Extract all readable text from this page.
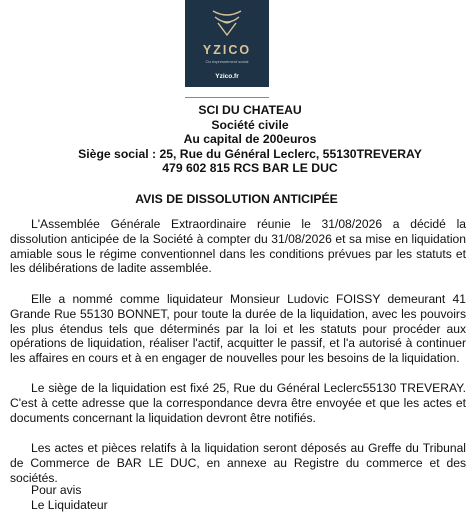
YZICO
Ou expressément social
Yzico.fr
SCI DU CHATEAU
Société civile
Au capital de 200euros
Siège social : 25, Rue du Général Leclerc, 55130TREVERAY
479 602 815 RCS BAR LE DUC
AVIS DE DISSOLUTION ANTICIPÉE

L'Assemblée Générale Extraordinaire réunie le 31/08/2026 a décidé la dissolution anticipée de la Société à compter du 31/08/2026 et sa mise en liquidation amiable sous le régime conventionnel dans les conditions prévues par les statuts et les délibérations de ladite assemblée.

Elle a nommé comme liquidateur Monsieur Ludovic FOISSY demeurant 41 Grande Rue 55130 BONNET, pour toute la durée de la liquidation, avec les pouvoirs les plus étendus tels que déterminés par la loi et les statuts pour procéder aux opérations de liquidation, réaliser l'actif, acquitter le passif, et l'a autorisé à continuer les affaires en cours et à en engager de nouvelles pour les besoins de la liquidation.

Le siège de la liquidation est fixé 25, Rue du Général Leclerc55130 TREVERAY. C'est à cette adresse que la correspondance devra être envoyée et que les actes et documents concernant la liquidation devront être notifiés.

Les actes et pièces relatifs à la liquidation seront déposés au Greffe du Tribunal de Commerce de BAR LE DUC, en annexe au Registre du commerce et des sociétés.

Pour avis
Le Liquidateur
